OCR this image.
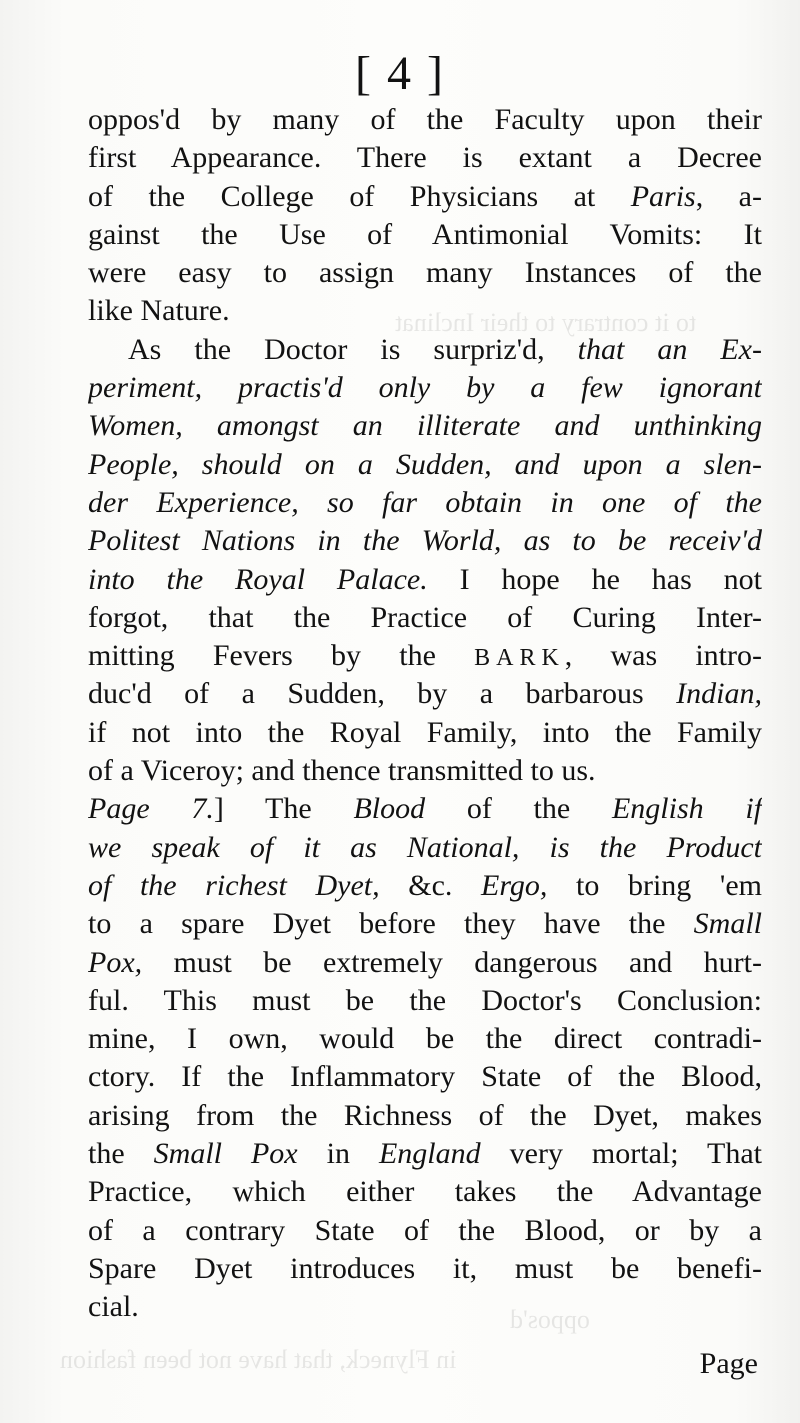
to it contrary to their Inclinat
oppos'd
in Flyneck, that have not been fashion
[ 4 ]
oppos'd by many of the Faculty upon their
first Appearance. There is extant a Decree
of the College of Physicians at Paris, a-
gainst the Use of Antimonial Vomits: It
were easy to assign many Instances of the
like Nature.
As the Doctor is surpriz'd, that an Ex-
periment, practis'd only by a few ignorant
Women, amongst an illiterate and unthinking
People, should on a Sudden, and upon a slen-
der Experience, so far obtain in one of the
Politest Nations in the World, as to be receiv'd
into the Royal Palace. I hope he has not
forgot, that the Practice of Curing Inter-
mitting Fevers by the BARK, was intro-
duc'd of a Sudden, by a barbarous Indian,
if not into the Royal Family, into the Family
of a Viceroy; and thence transmitted to us.
Page 7.] The Blood of the English if
we speak of it as National, is the Product
of the richest Dyet, &c. Ergo, to bring 'em
to a spare Dyet before they have the Small
Pox, must be extremely dangerous and hurt-
ful. This must be the Doctor's Conclusion:
mine, I own, would be the direct contradi-
ctory. If the Inflammatory State of the Blood,
arising from the Richness of the Dyet, makes
the Small Pox in England very mortal; That
Practice, which either takes the Advantage
of a contrary State of the Blood, or by a
Spare Dyet introduces it, must be benefi-
cial.
Page
